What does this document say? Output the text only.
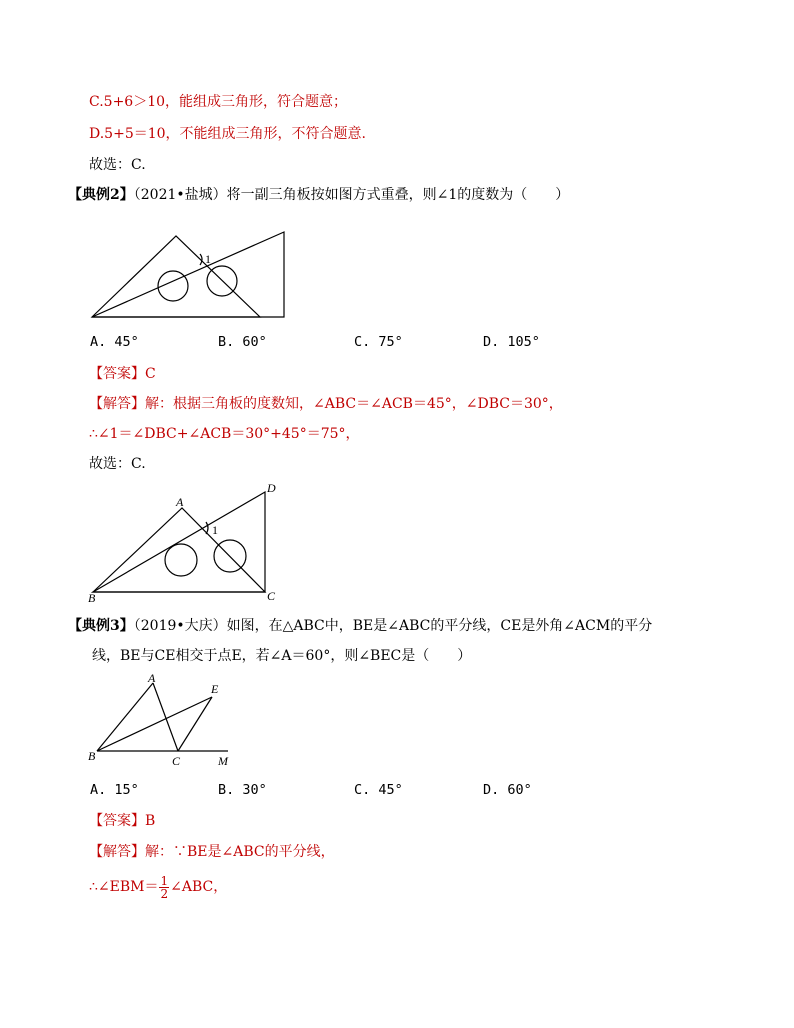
C.5+6＞10，能组成三角形，符合题意；
D.5+5＝10，不能组成三角形，不符合题意.
故选：C.
【典例2】（2021•盐城）将一副三角板按如图方式重叠，则∠1的度数为（　　）
1
A. 45°	B. 60°	C. 75°	D. 105°
【答案】C
【解答】解：根据三角板的度数知，∠ABC＝∠ACB＝45°，∠DBC＝30°，
∴∠1＝∠DBC+∠ACB＝30°+45°＝75°，
故选：C.
A
B	C
D
1
【典例3】（2019•大庆）如图，在△ABC中，BE是∠ABC的平分线，CE是外角∠ACM的平分
线，BE与CE相交于点E，若∠A＝60°，则∠BEC是（　　）
A
B	C
E
M
A. 15°	B. 30°	C. 45°	D. 60°
【答案】B
【解答】解：∵BE是∠ABC的平分线，
∴∠EBM＝ $\frac{1}{2}$ ∠ABC，
